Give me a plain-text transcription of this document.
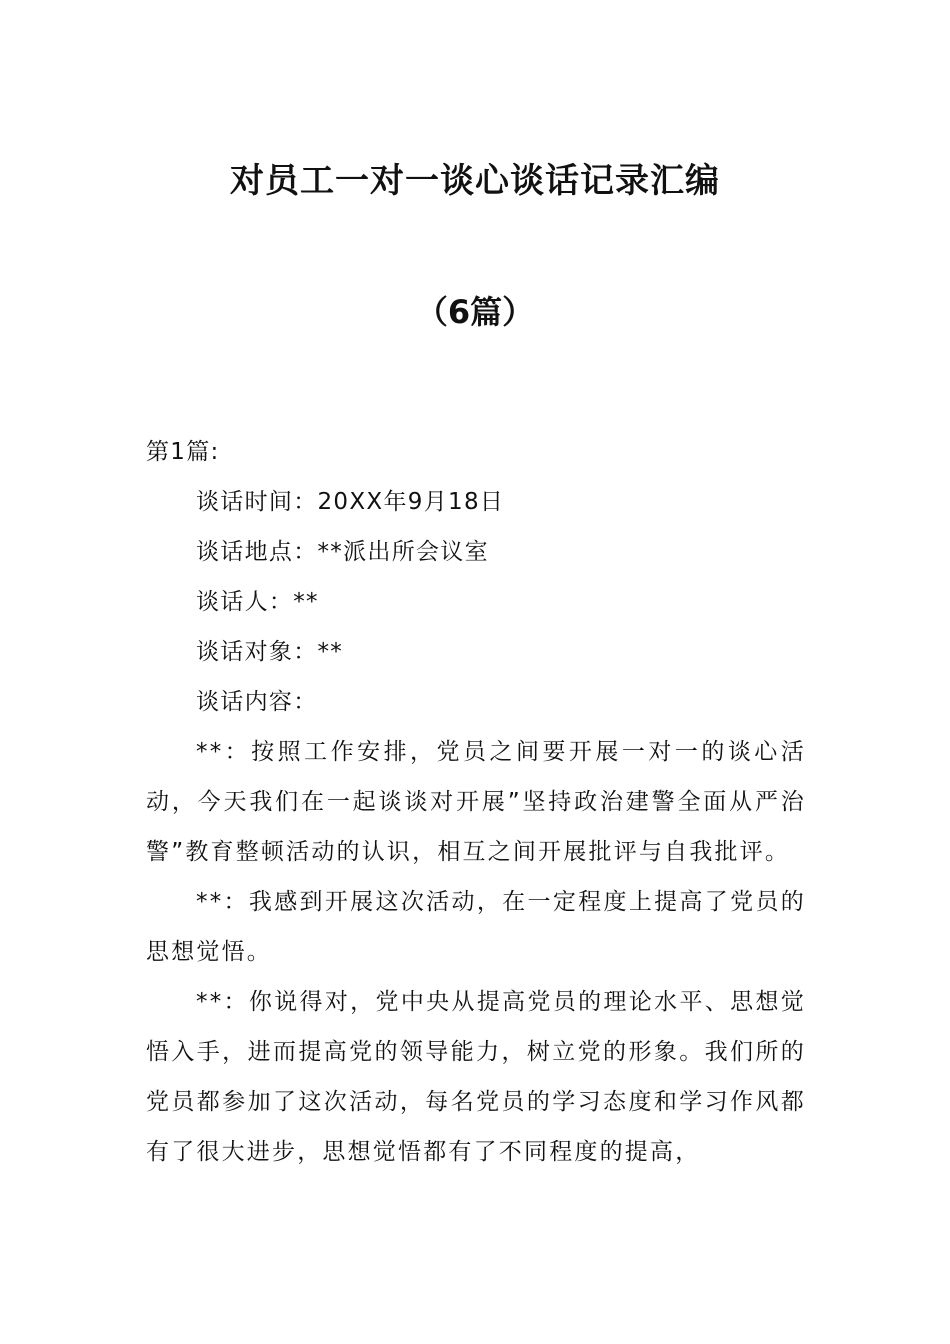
对员工一对一谈心谈话记录汇编
（6篇）

第1篇:

谈话时间：20XX年9月18日

谈话地点：**派出所会议室

谈话人：**

谈话对象：**

谈话内容：

**：按照工作安排，党员之间要开展一对一的谈心活动，今天我们在一起谈谈对开展”坚持政治建警全面从严治警”教育整顿活动的认识，相互之间开展批评与自我批评。

**：我感到开展这次活动，在一定程度上提高了党员的思想觉悟。

**：你说得对，党中央从提高党员的理论水平、思想觉悟入手，进而提高党的领导能力，树立党的形象。我们所的党员都参加了这次活动，每名党员的学习态度和学习作风都有了很大进步，思想觉悟都有了不同程度的提高，
